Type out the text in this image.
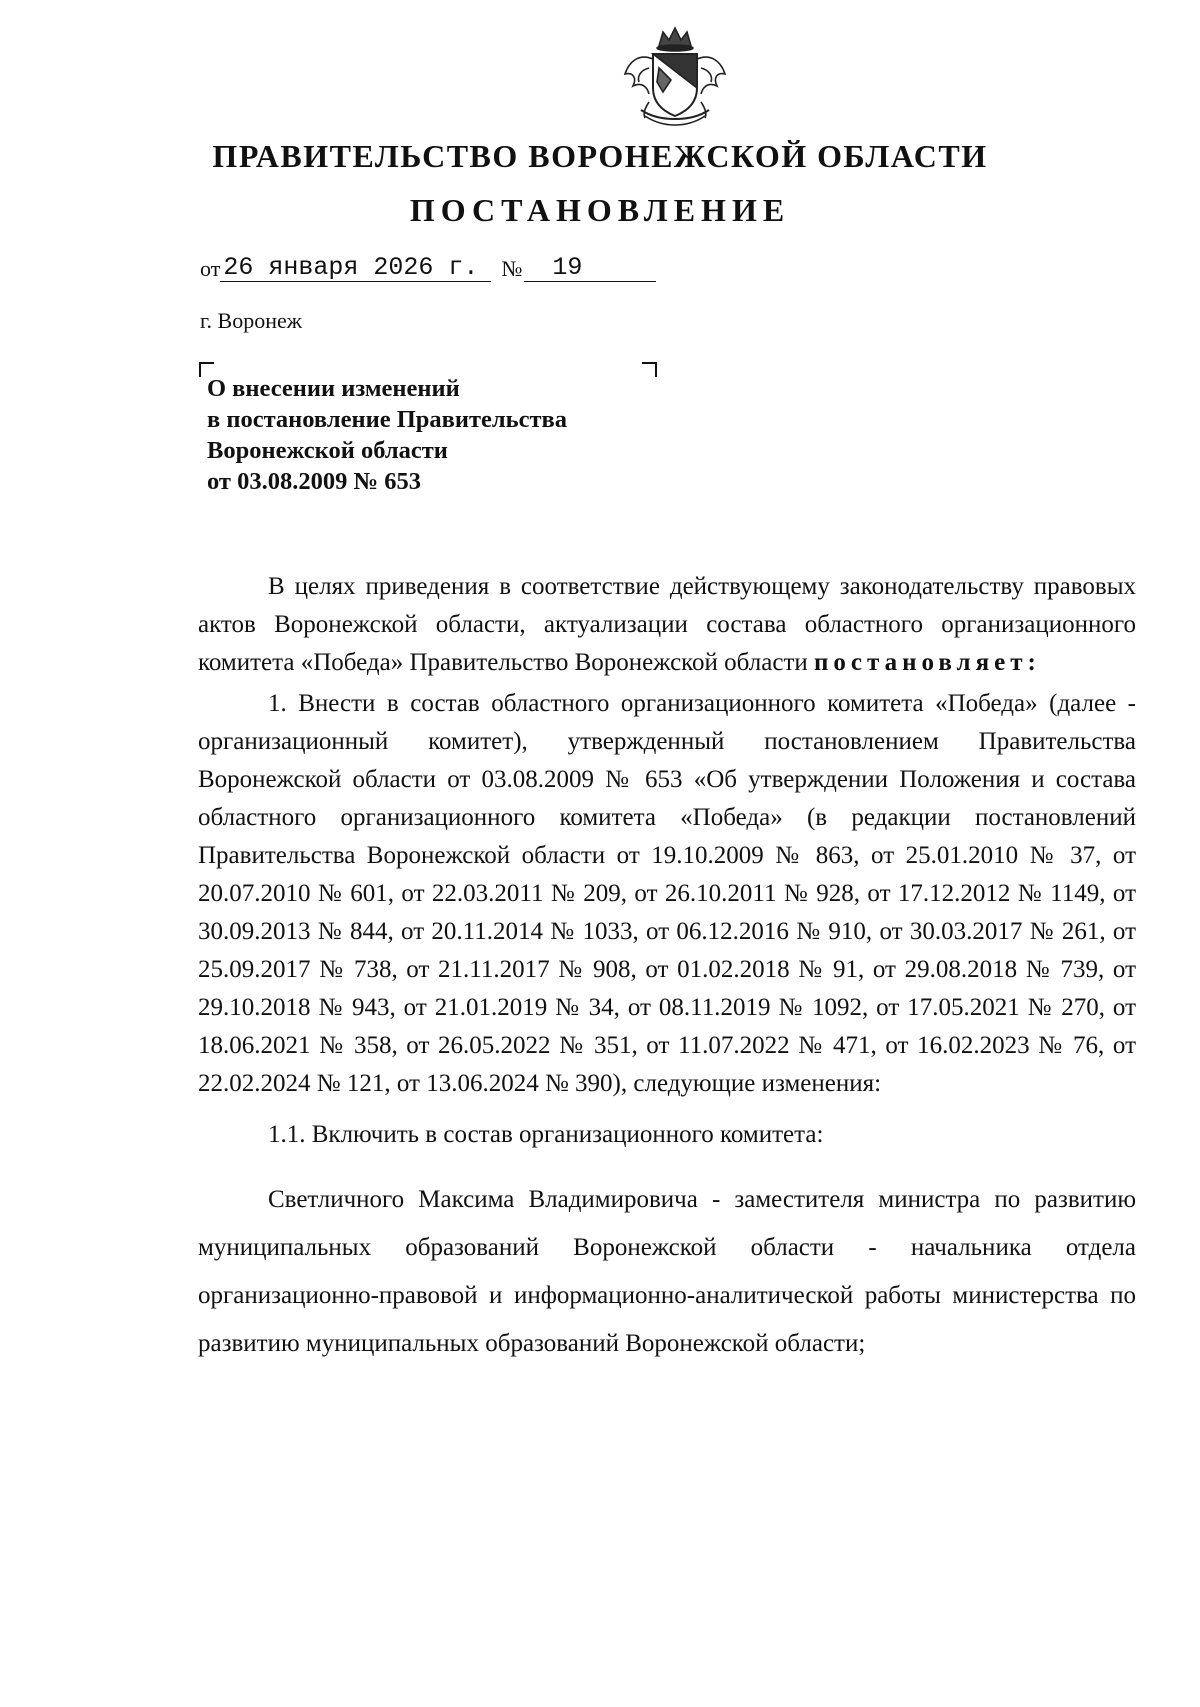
ПРАВИТЕЛЬСТВО ВОРОНЕЖСКОЙ ОБЛАСТИ
ПОСТАНОВЛЕНИЕ
от 26 января 2026 г. № 19
г. Воронеж
О внесении изменений
в постановление Правительства
Воронежской области
от 03.08.2009 № 653

В целях приведения в соответствие действующему законодательству правовых актов Воронежской области, актуализации состава областного организационного комитета «Победа» Правительство Воронежской области постановляет:

1. Внести в состав областного организационного комитета «Победа» (далее - организационный комитет), утвержденный постановлением Правительства Воронежской области от 03.08.2009 № 653 «Об утверждении Положения и состава областного организационного комитета «Победа» (в редакции постановлений Правительства Воронежской области от 19.10.2009 № 863, от 25.01.2010 № 37, от 20.07.2010 № 601, от 22.03.2011 № 209, от 26.10.2011 № 928, от 17.12.2012 № 1149, от 30.09.2013 № 844, от 20.11.2014 № 1033, от 06.12.2016 № 910, от 30.03.2017 № 261, от 25.09.2017 № 738, от 21.11.2017 № 908, от 01.02.2018 № 91, от 29.08.2018 № 739, от 29.10.2018 № 943, от 21.01.2019 № 34, от 08.11.2019 № 1092, от 17.05.2021 № 270, от 18.06.2021 № 358, от 26.05.2022 № 351, от 11.07.2022 № 471, от 16.02.2023 № 76, от 22.02.2024 № 121, от 13.06.2024 № 390), следующие изменения:

1.1. Включить в состав организационного комитета:

Светличного Максима Владимировича - заместителя министра по развитию муниципальных образований Воронежской области - начальника отдела организационно-правовой и информационно-аналитической работы министерства по развитию муниципальных образований Воронежской области;
